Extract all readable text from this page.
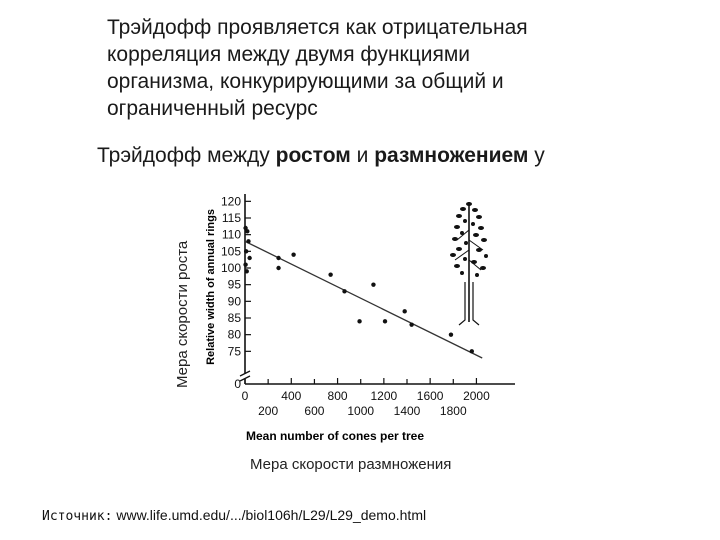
Трэйдофф проявляется как отрицательная
корреляция между двумя функциями
организма, конкурирующими за общий и
ограниченный ресурс
Трэйдофф между ростом и размножением у
Мера скорости роста
120
115
110
105
100
95
90
85
80
75
0
0	400 800 1200 1600 2000
200 600 1000 1400 1800
Relative width of annual rings
Mean number of cones per tree
Мера скорости размножения
Источник: www.life.umd.edu/.../biol106h/L29/L29_demo.html
